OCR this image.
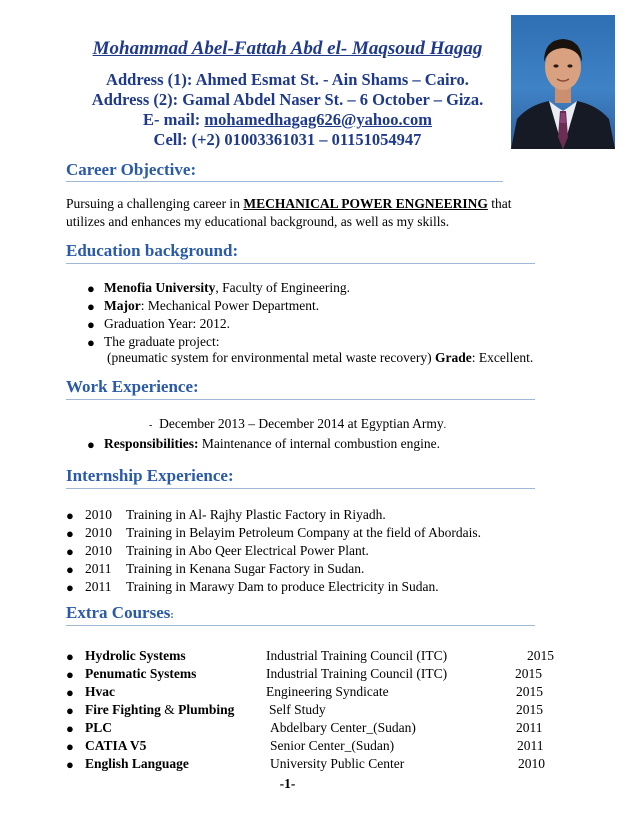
Mohammad Abel-Fattah Abd el- Maqsoud Hagag
Address (1): Ahmed Esmat St. - Ain Shams – Cairo.
Address (2): Gamal Abdel Naser St. – 6 October – Giza.
E- mail: mohamedhagag626@yahoo.com
Cell: (+2) 01003361031 – 01151054947
Career Objective:
Pursuing a challenging career in MECHANICAL POWER ENGNEERING that
utilizes and enhances my educational background, as well as my skills.
Education background:
● Menofia University, Faculty of Engineering.
● Major: Mechanical Power Department.
● Graduation Year: 2012.
● The graduate project:
(pneumatic system for environmental metal waste recovery) Grade: Excellent.
Work Experience:
- December 2013 – December 2014 at Egyptian Army.
● Responsibilities: Maintenance of internal combustion engine.
Internship Experience:
● 2010 Training in Al- Rajhy Plastic Factory in Riyadh.
● 2010 Training in Belayim Petroleum Company at the field of Abordais.
● 2010 Training in Abo Qeer Electrical Power Plant.
● 2011 Training in Kenana Sugar Factory in Sudan.
● 2011 Training in Marawy Dam to produce Electricity in Sudan.
Extra Courses:
● Hydrolic Systems	Industrial Training Council (ITC)	2015
● Penumatic Systems	Industrial Training Council (ITC)	2015
● Hvac	Engineering Syndicate	2015
● Fire Fighting & Plumbing	Self Study	2015
● PLC	Abdelbary Center_(Sudan)	2011
● CATIA V5	Senior Center_(Sudan)	2011
● English Language	University Public Center	2010
-1-
